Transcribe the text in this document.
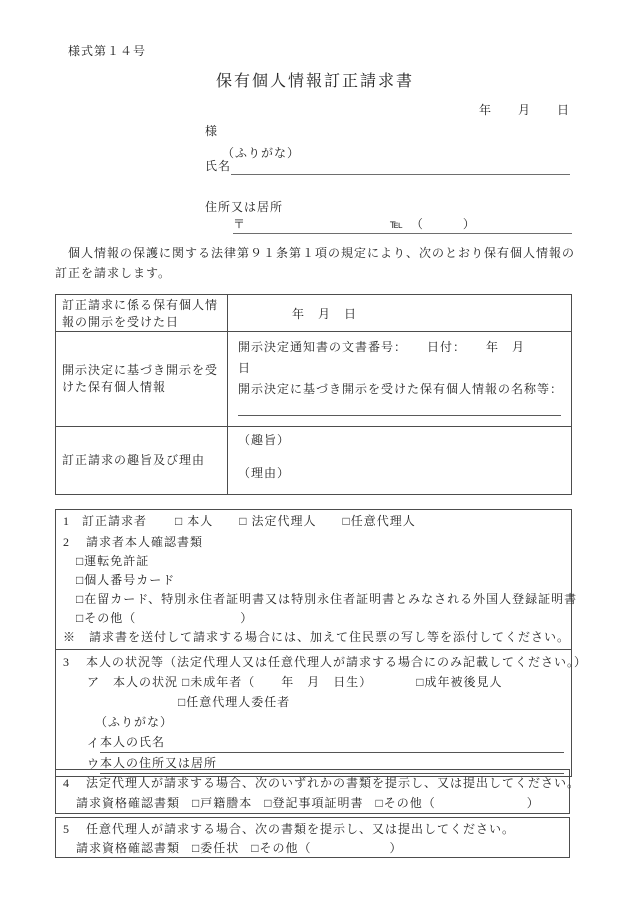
様式第１４号
保有個人情報訂正請求書
年　　月　　日
様
（ふりがな）
氏名
住所又は居所
〒	℡　（　　　）
　個人情報の保護に関する法律第９１条第１項の規定により、次のとおり保有個人情報の
訂正を請求します。
訂正請求に係る保有個人情報の開示を受けた日
年　月　日
開示決定に基づき開示を受けた保有個人情報
開示決定通知書の文書番号：　　日付：　　年　月
日
開示決定に基づき開示を受けた保有個人情報の名称等：
訂正請求の趣旨及び理由
（趣旨）
（理由）
1 訂正請求者 □ 本人 □ 法定代理人 □任意代理人
2 請求者本人確認書類
□運転免許証
□個人番号カード
□在留カード、特別永住者証明書又は特別永住者証明書とみなされる外国人登録証明書
□その他（　　　　　　　　）
※　請求書を送付して請求する場合には、加えて住民票の写し等を添付してください。
3 本人の状況等（法定代理人又は任意代理人が請求する場合にのみ記載してください。）
ア　本人の状況 □未成年者（　　年　月　日生）	□成年被後見人
□任意代理人委任者
（ふりがな）
イ 本人の氏名
ウ 本人の住所又は居所
4 法定代理人が請求する場合、次のいずれかの書類を提示し、又は提出してください。
請求資格確認書類 □戸籍謄本 □登記事項証明書 □その他（　　　　　　　）
5 任意代理人が請求する場合、次の書類を提示し、又は提出してください。
請求資格確認書類 □委任状 □その他（　　　　　　）
